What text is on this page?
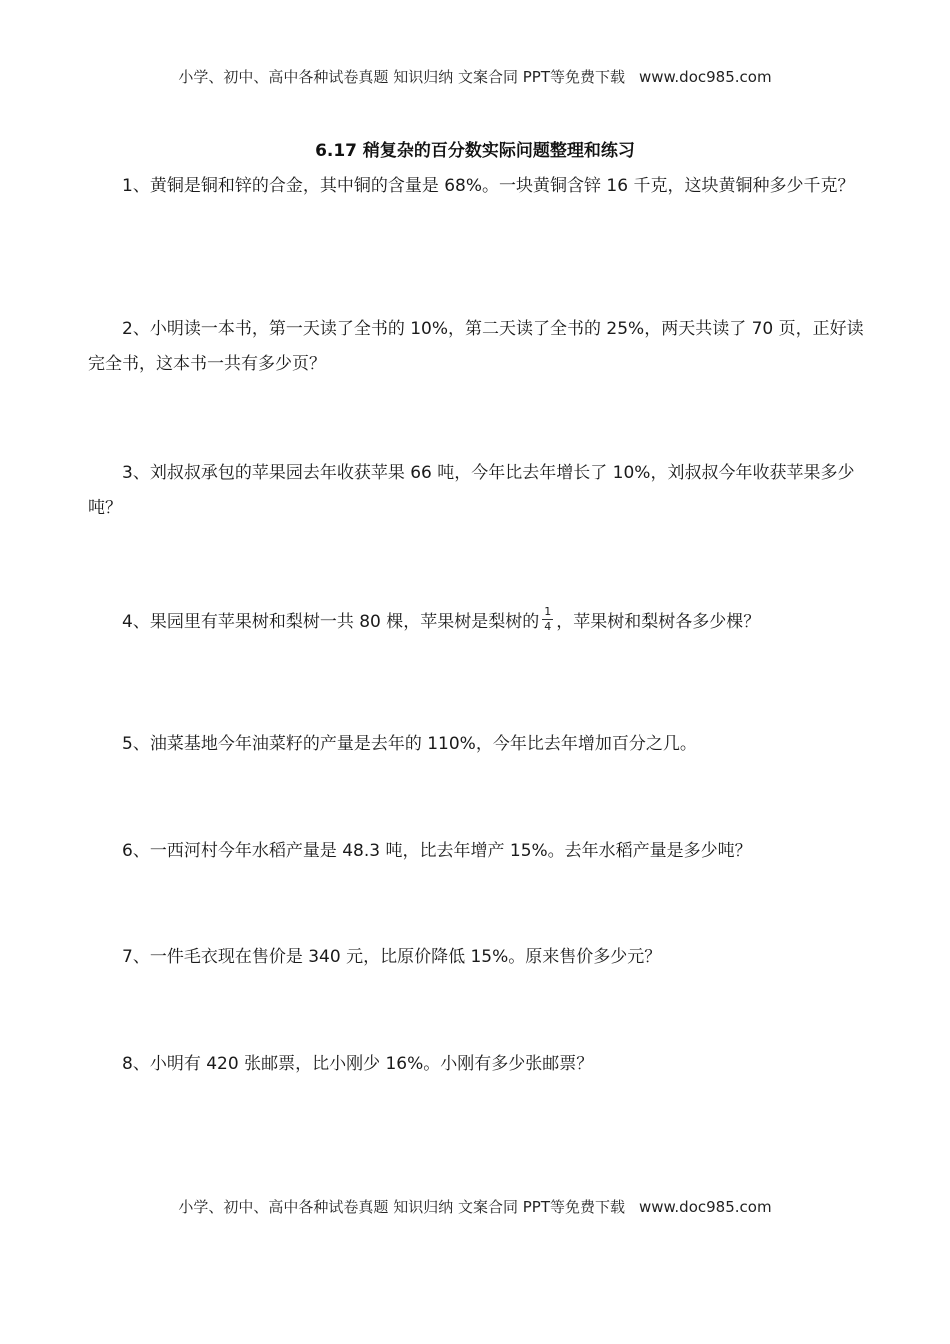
小学、初中、高中各种试卷真题 知识归纳 文案合同 PPT等免费下载 www.doc985.com
6.17 稍复杂的百分数实际问题整理和练习
1、黄铜是铜和锌的合金，其中铜的含量是 68%。一块黄铜含锌 16 千克，这块黄铜种多少千克？
2、小明读一本书，第一天读了全书的 10%，第二天读了全书的 25%，两天共读了 70 页，正好读完全书，这本书一共有多少页？
3、刘叔叔承包的苹果园去年收获苹果 66 吨，今年比去年增长了 10%，刘叔叔今年收获苹果多少吨？
4、果园里有苹果树和梨树一共 80 棵，苹果树是梨树的 $\frac{1}{4}$ ，苹果树和梨树各多少棵？
5、油菜基地今年油菜籽的产量是去年的 110%，今年比去年增加百分之几。
6、一西河村今年水稻产量是 48.3 吨，比去年增产 15%。去年水稻产量是多少吨？
7、一件毛衣现在售价是 340 元，比原价降低 15%。原来售价多少元？
8、小明有 420 张邮票，比小刚少 16%。小刚有多少张邮票？
小学、初中、高中各种试卷真题 知识归纳 文案合同 PPT等免费下载 www.doc985.com
